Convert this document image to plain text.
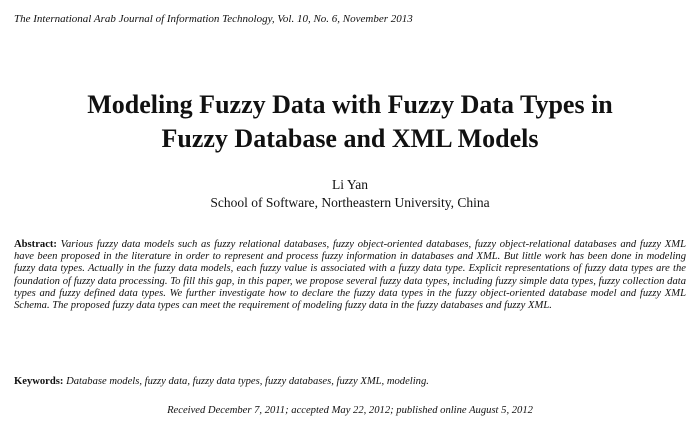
The International Arab Journal of Information Technology, Vol. 10, No. 6, November 2013
Modeling Fuzzy Data with Fuzzy Data Types in
Fuzzy Database and XML Models
Li Yan
School of Software, Northeastern University, China
Abstract: Various fuzzy data models such as fuzzy relational databases, fuzzy object-oriented databases, fuzzy object-relational databases and fuzzy XML have been proposed in the literature in order to represent and process fuzzy information in databases and XML. But little work has been done in modeling fuzzy data types. Actually in the fuzzy data models, each fuzzy value is associated with a fuzzy data type. Explicit representations of fuzzy data types are the foundation of fuzzy data processing. To fill this gap, in this paper, we propose several fuzzy data types, including fuzzy simple data types, fuzzy collection data types and fuzzy defined data types. We further investigate how to declare the fuzzy data types in the fuzzy object-oriented database model and fuzzy XML Schema. The proposed fuzzy data types can meet the requirement of modeling fuzzy data in the fuzzy databases and fuzzy XML.
Keywords: Database models, fuzzy data, fuzzy data types, fuzzy databases, fuzzy XML, modeling.
Received December 7, 2011; accepted May 22, 2012; published online August 5, 2012
